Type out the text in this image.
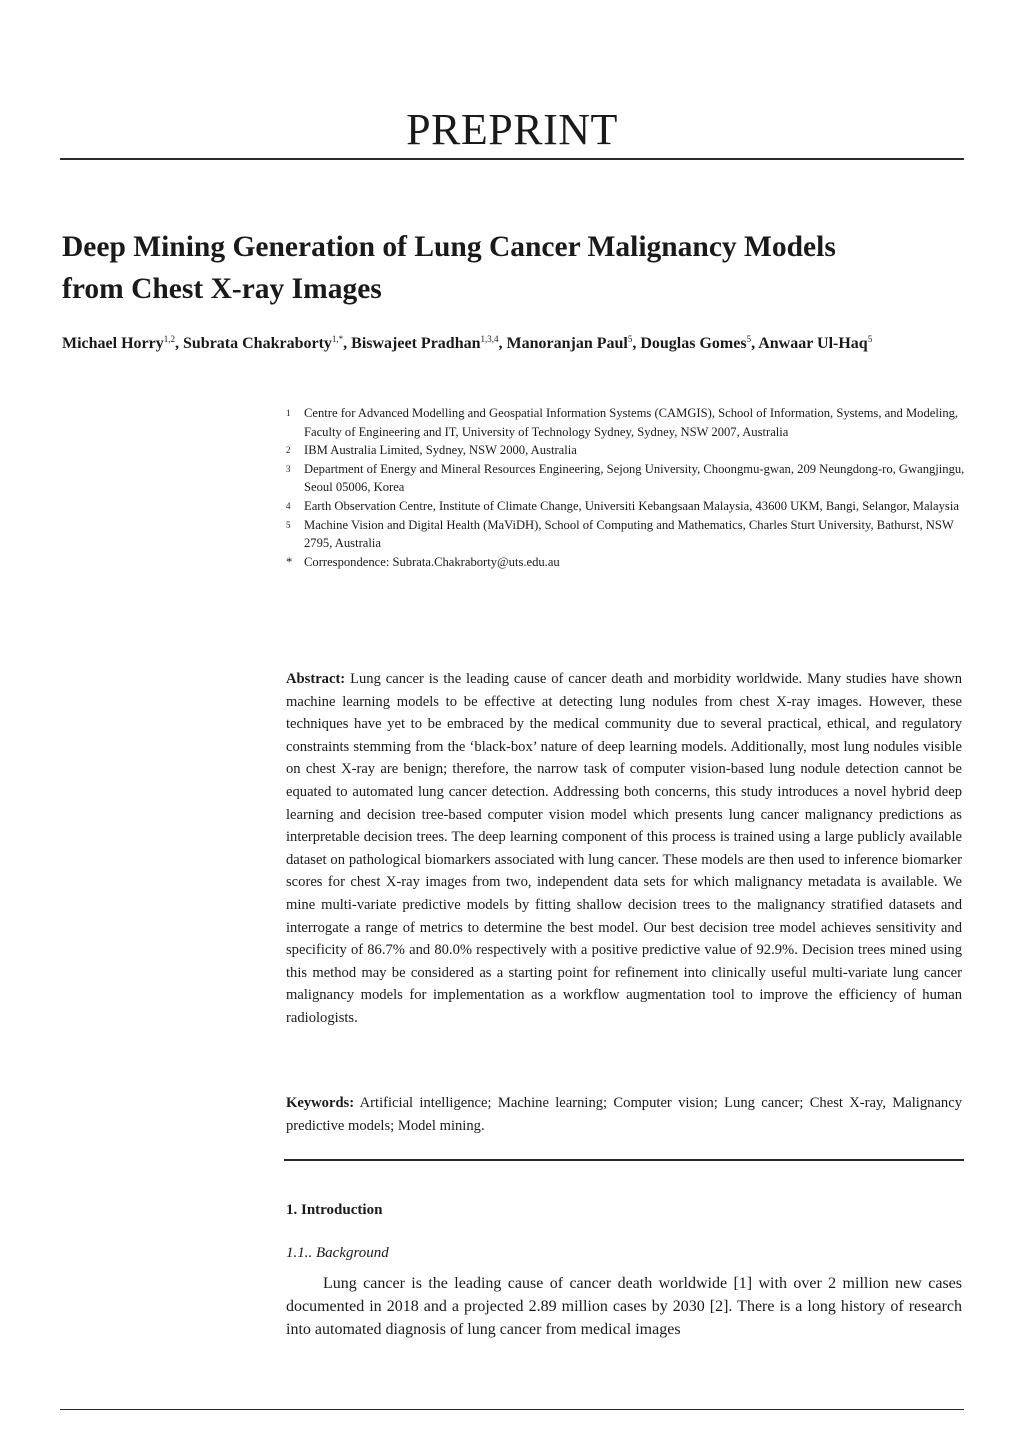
PREPRINT
Deep Mining Generation of Lung Cancer Malignancy Models
from Chest X-ray Images
Michael Horry$^{1,2}$, Subrata Chakraborty$^{1,*}$, Biswajeet Pradhan$^{1,3,4}$, Manoranjan Paul$^5$, Douglas Gomes$^5$, Anwaar Ul-Haq$^5$
1	Centre for Advanced Modelling and Geospatial Information Systems (CAMGIS), School of Information, Systems, and Modeling, Faculty of Engineering and IT, University of Technology Sydney, Sydney, NSW 2007, Australia
2	IBM Australia Limited, Sydney, NSW 2000, Australia
3	Department of Energy and Mineral Resources Engineering, Sejong University, Choongmu-gwan, 209 Neungdong-ro, Gwangjingu, Seoul 05006, Korea
4	Earth Observation Centre, Institute of Climate Change, Universiti Kebangsaan Malaysia, 43600 UKM, Bangi, Selangor, Malaysia
5	Machine Vision and Digital Health (MaViDH), School of Computing and Mathematics, Charles Sturt University, Bathurst, NSW 2795, Australia
* Correspondence: Subrata.Chakraborty@uts.edu.au

Abstract: Lung cancer is the leading cause of cancer death and morbidity worldwide. Many studies have shown machine learning models to be effective at detecting lung nodules from chest X-ray images. However, these techniques have yet to be embraced by the medical community due to several practical, ethical, and regulatory constraints stemming from the ‘black-box’ nature of deep learning models. Additionally, most lung nodules visible on chest X-ray are benign; therefore, the narrow task of computer vision-based lung nodule detection cannot be equated to automated lung cancer detection. Addressing both concerns, this study introduces a novel hybrid deep learning and decision tree-based computer vision model which presents lung cancer malignancy predictions as interpretable decision trees. The deep learning component of this process is trained using a large publicly available dataset on pathological biomarkers associated with lung cancer. These models are then used to inference biomarker scores for chest X-ray images from two, independent data sets for which malignancy metadata is available. We mine multi-variate predictive models by fitting shallow decision trees to the malignancy stratified datasets and interrogate a range of metrics to determine the best model. Our best decision tree model achieves sensitivity and specificity of 86.7% and 80.0% respectively with a positive predictive value of 92.9%. Decision trees mined using this method may be considered as a starting point for refinement into clinically useful multi-variate lung cancer malignancy models for implementation as a workflow augmentation tool to improve the efficiency of human radiologists.

Keywords: Artificial intelligence; Machine learning; Computer vision; Lung cancer; Chest X-ray, Malignancy predictive models; Model mining.

1. Introduction
1.1.. Background

Lung cancer is the leading cause of cancer death worldwide [1] with over 2 million new cases documented in 2018 and a projected 2.89 million cases by 2030 [2]. There is a long history of research into automated diagnosis of lung cancer from medical images
